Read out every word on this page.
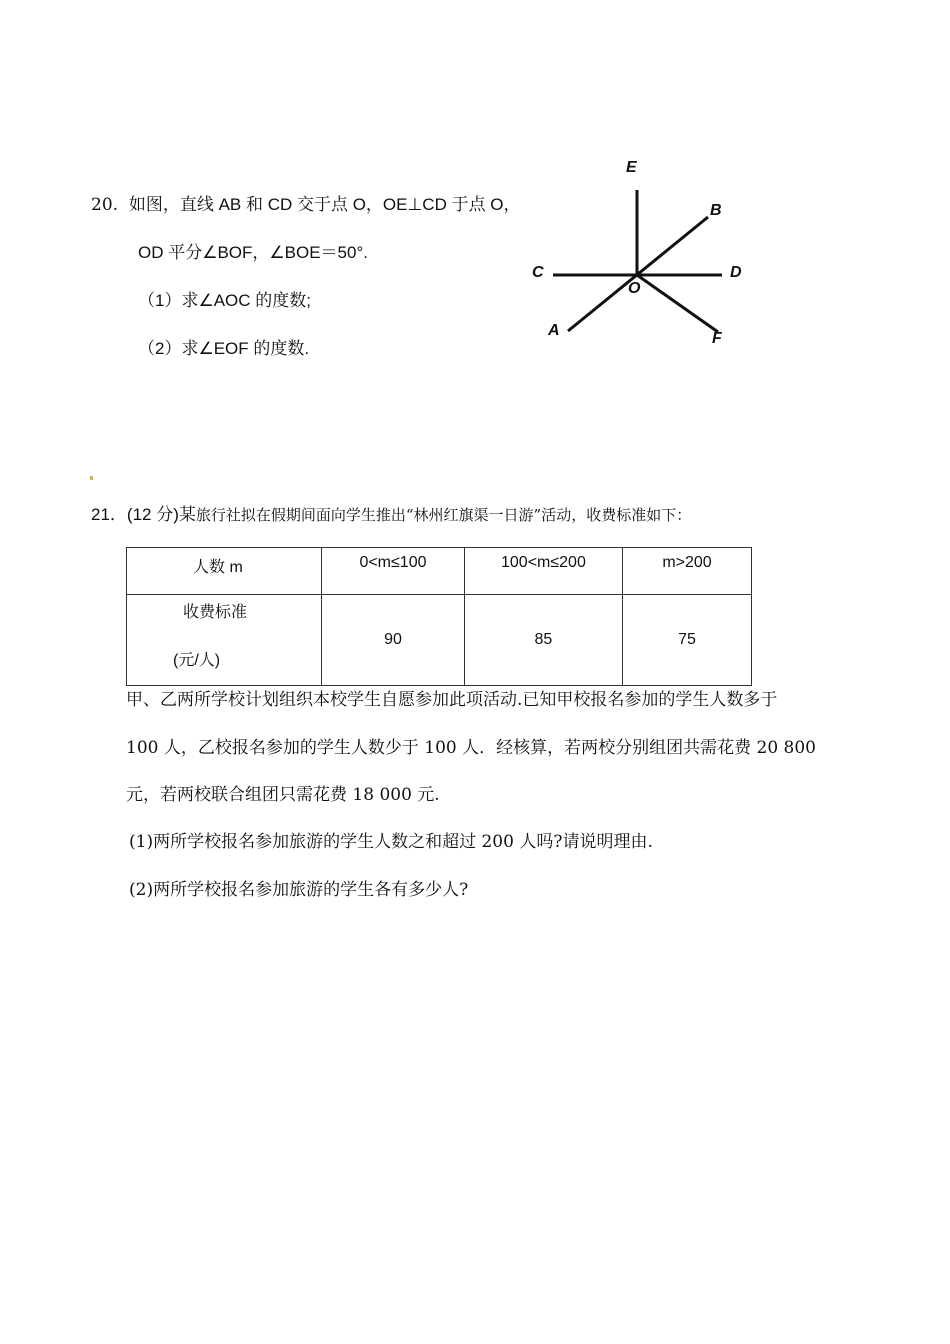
20. 如图，直线 AB 和 CD 交于点 O，OE⊥CD 于点 O，
OD 平分∠BOF，∠BOE＝50°.
（1）求∠AOC 的度数;
（2）求∠EOF 的度数.
E
B
C	D
O
A	F
21．(12 分)某旅行社拟在假期间面向学生推出“林州红旗渠一日游”活动，收费标准如下：
人数 m	0<m≤100	100<m≤200	m>200

收费标准
(元/人)	90	85	75
甲、乙两所学校计划组织本校学生自愿参加此项活动.已知甲校报名参加的学生人数多于
100 人，乙校报名参加的学生人数少于 100 人．经核算，若两校分别组团共需花费 20 800
元，若两校联合组团只需花费 18 000 元.
(1)两所学校报名参加旅游的学生人数之和超过 200 人吗?请说明理由.
(2)两所学校报名参加旅游的学生各有多少人?
